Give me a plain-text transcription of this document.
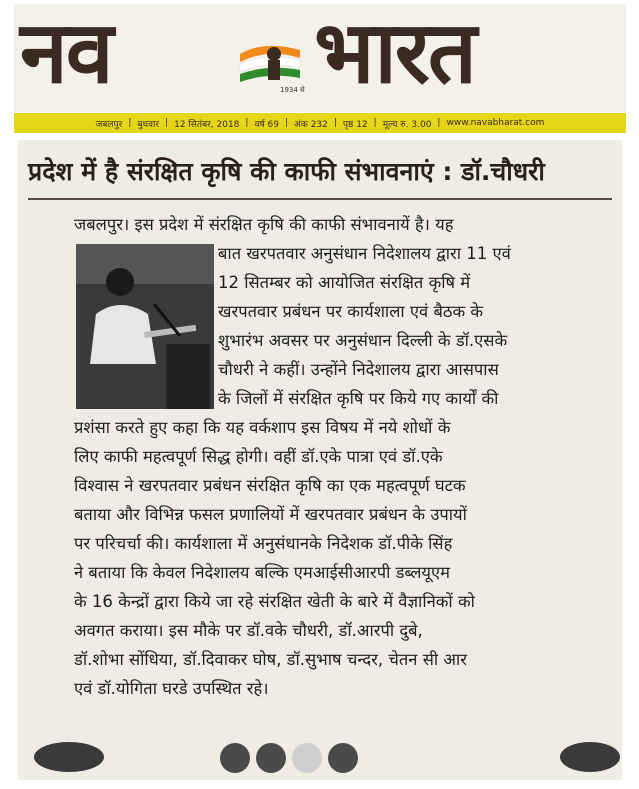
नव	1934 से भारत
जबलपुर | बुधवार | 12 सितंबर, 2018 | वर्ष 69 | अंक 232 | पृष्ठ 12 | मूल्य रु. 3.00 | www.navabharat.com
प्रदेश में है संरक्षित कृषि की काफी संभावनाएं : डॉ.चौधरी
जबलपुर। इस प्रदेश में संरक्षित कृषि की काफी संभावनायें है। यह
बात खरपतवार अनुसंधान निदेशालय द्वारा 11 एवं
12 सितम्बर को आयोजित संरक्षित कृषि में
खरपतवार प्रबंधन पर कार्यशाला एवं बैठक के
शुभारंभ अवसर पर अनुसंधान दिल्ली के डॉ.एसके
चौधरी ने कहीं। उन्होंने निदेशालय द्वारा आसपास
के जिलों में संरक्षित कृषि पर किये गए कार्यों की
प्रशंसा करते हुए कहा कि यह वर्कशाप इस विषय में नये शोधों के
लिए काफी महत्वपूर्ण सिद्ध होगी। वहीं डॉ.एके पात्रा एवं डॉ.एके
विश्वास ने खरपतवार प्रबंधन संरक्षित कृषि का एक महत्वपूर्ण घटक
बताया और विभिन्न फसल प्रणालियों में खरपतवार प्रबंधन के उपायों
पर परिचर्चा की। कार्यशाला में अनुसंधानके निदेशक डॉ.पीके सिंह
ने बताया कि केवल निदेशालय बल्कि एमआईसीआरपी डब्लयूएम
के 16 केन्द्रों द्वारा किये जा रहे संरक्षित खेती के बारे में वैज्ञानिकों को
अवगत कराया। इस मौके पर डॉ.वके चौधरी, डॉ.आरपी दुबे,
डॉ.शोभा सोंधिया, डॉ.दिवाकर घोष, डॉ.सुभाष चन्दर, चेतन सी आर
एवं डॉ.योगिता घरडे उपस्थित रहे।
